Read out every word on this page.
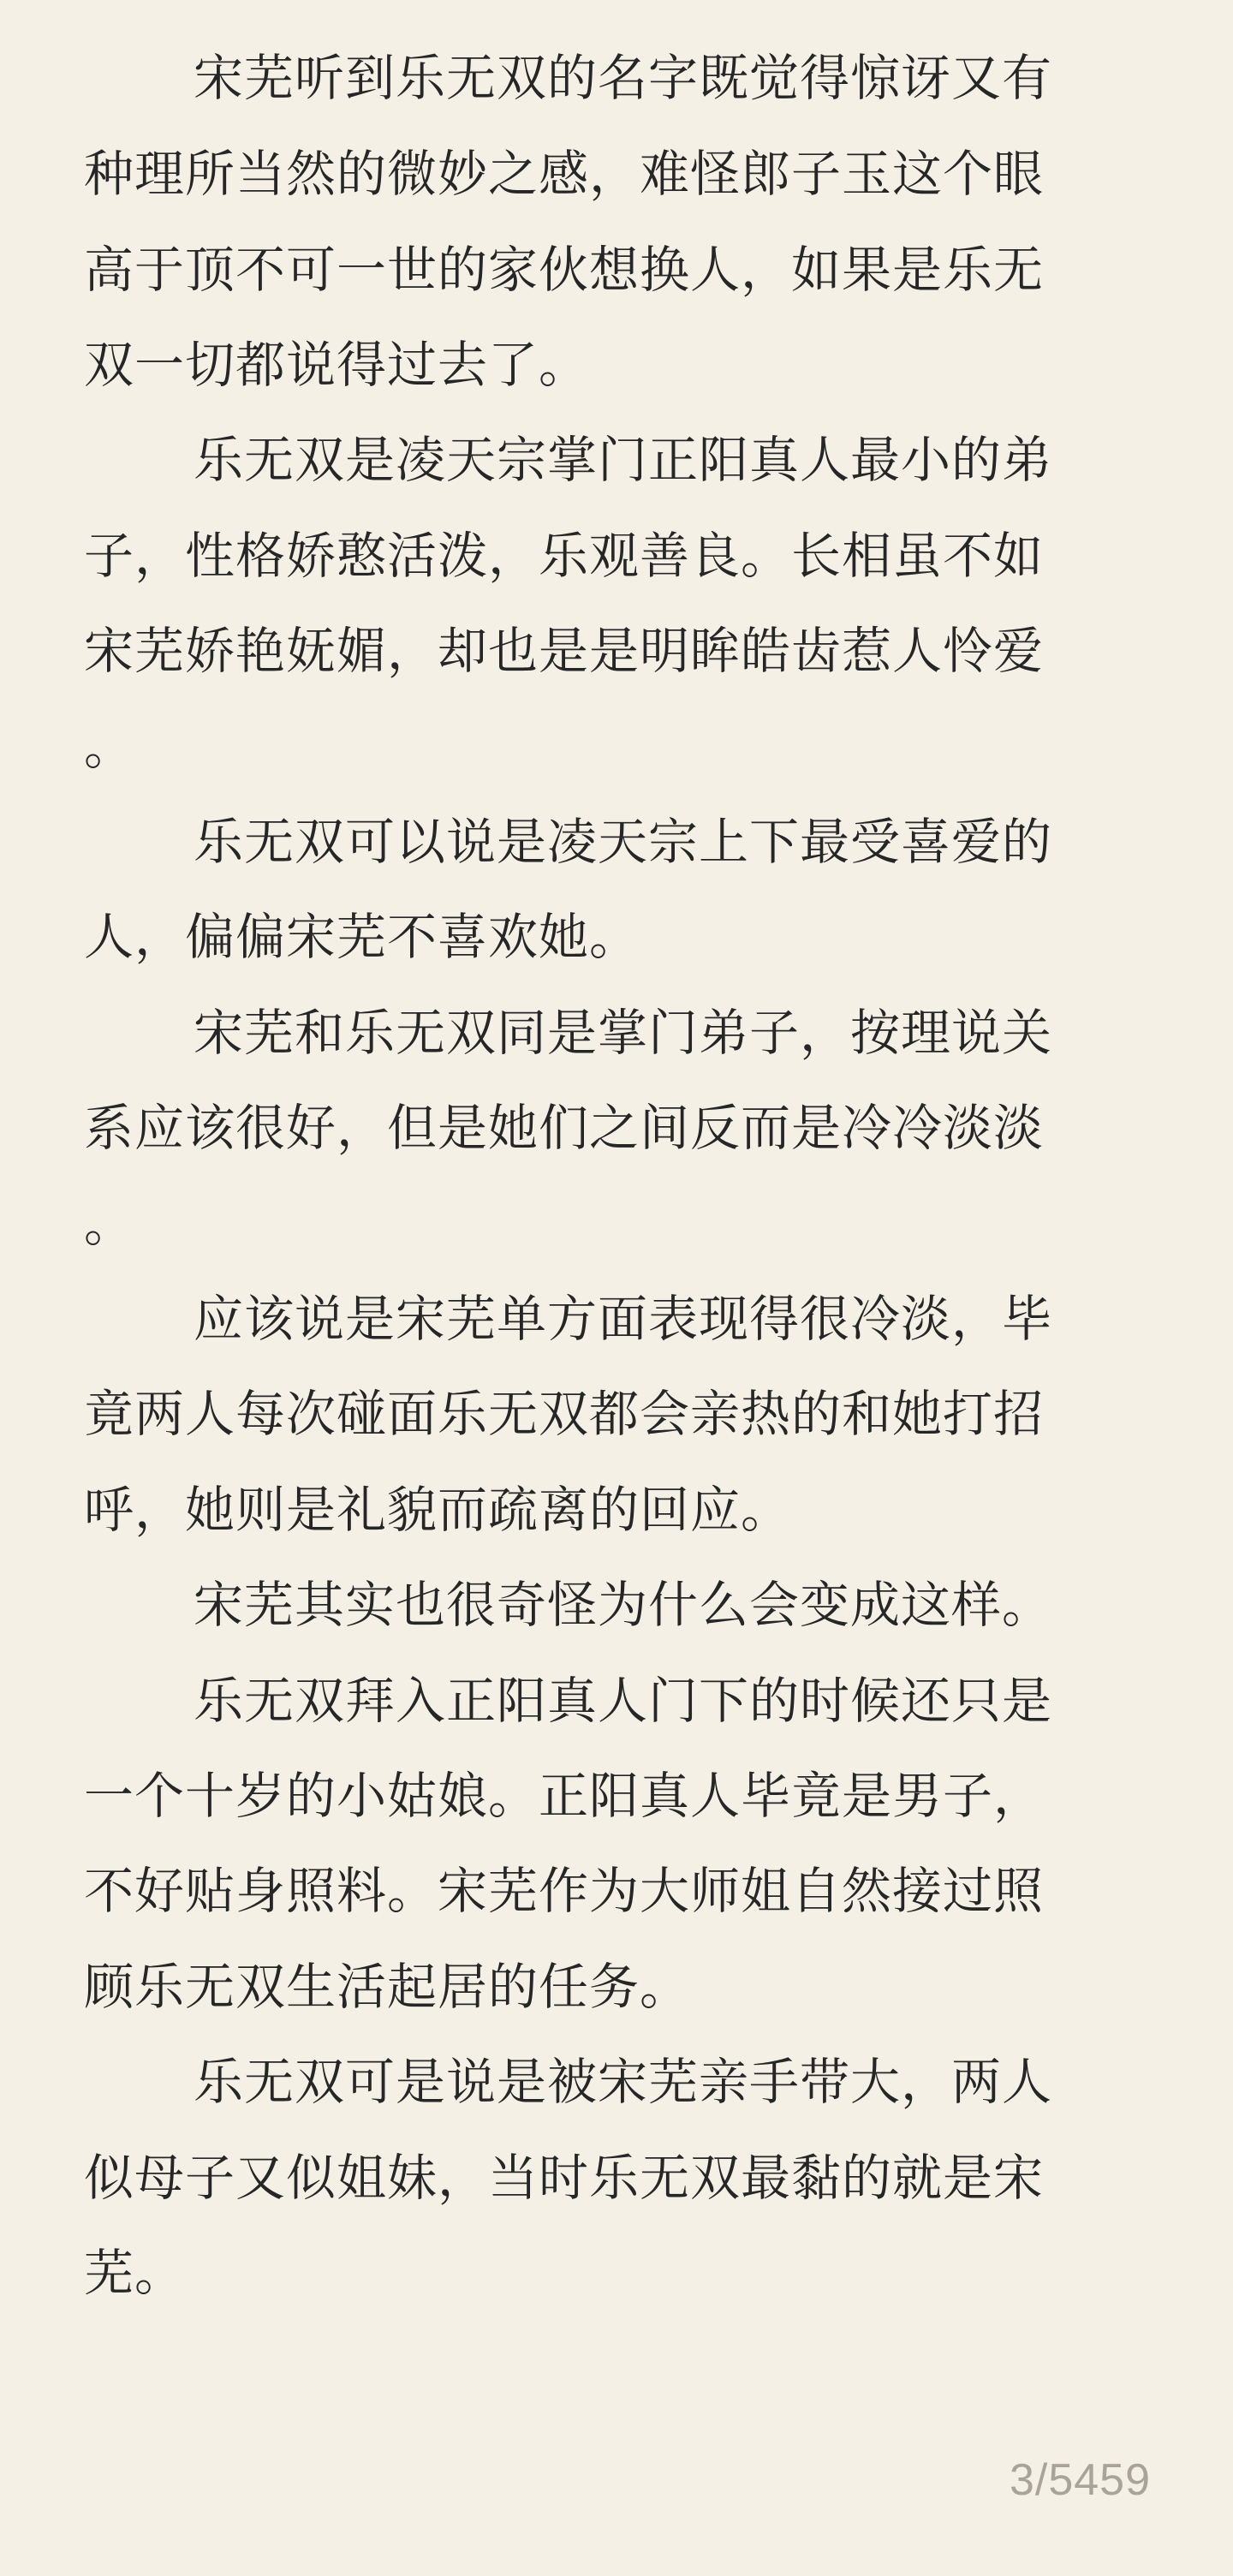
宋芜听到乐无双的名字既觉得惊讶又有
种理所当然的微妙之感，难怪郎子玉这个眼
高于顶不可一世的家伙想换人，如果是乐无
双一切都说得过去了。
乐无双是凌天宗掌门正阳真人最小的弟
子，性格娇憨活泼，乐观善良。长相虽不如
宋芜娇艳妩媚，却也是是明眸皓齿惹人怜爱
。
乐无双可以说是凌天宗上下最受喜爱的
人，偏偏宋芜不喜欢她。
宋芜和乐无双同是掌门弟子，按理说关
系应该很好，但是她们之间反而是冷冷淡淡
。
应该说是宋芜单方面表现得很冷淡，毕
竟两人每次碰面乐无双都会亲热的和她打招
呼，她则是礼貌而疏离的回应。
宋芜其实也很奇怪为什么会变成这样。
乐无双拜入正阳真人门下的时候还只是
一个十岁的小姑娘。正阳真人毕竟是男子，
不好贴身照料。宋芜作为大师姐自然接过照
顾乐无双生活起居的任务。
乐无双可是说是被宋芜亲手带大，两人
似母子又似姐妹，当时乐无双最黏的就是宋
芜。
3/5459
